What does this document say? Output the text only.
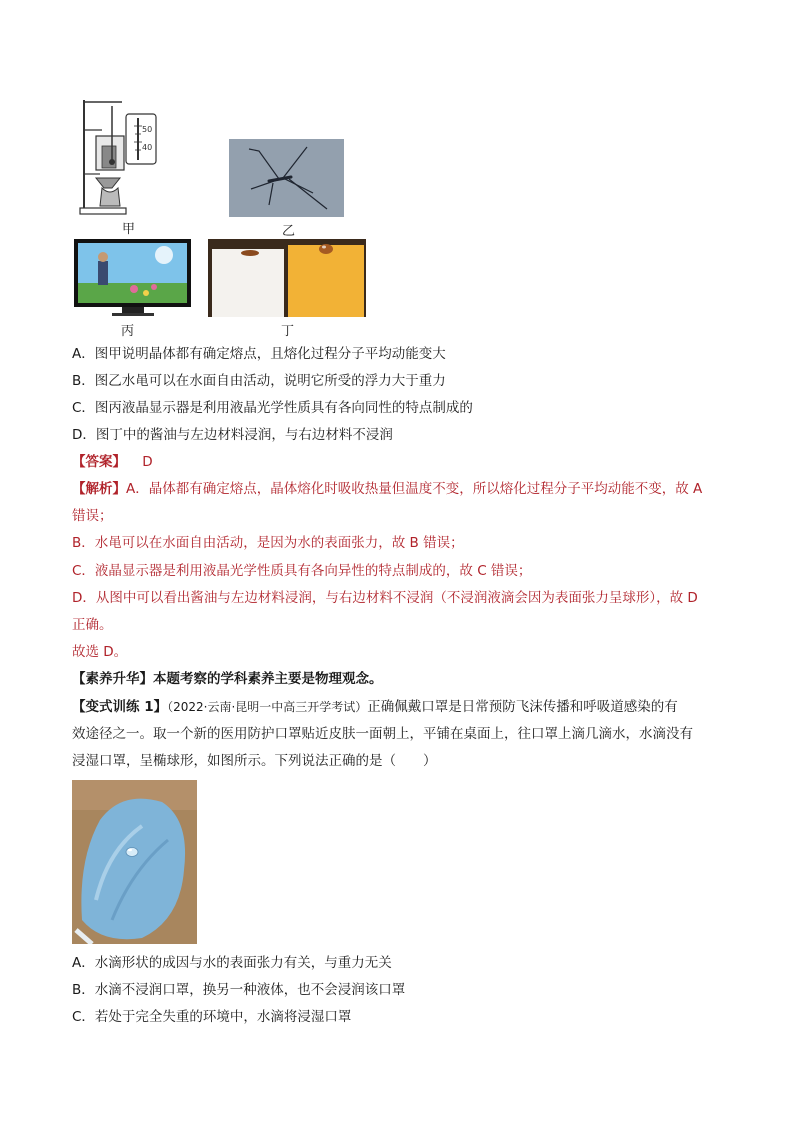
50
40
甲	乙
丙	丁
A．图甲说明晶体都有确定熔点，且熔化过程分子平均动能变大
B．图乙水黾可以在水面自由活动，说明它所受的浮力大于重力
C．图丙液晶显示器是利用液晶光学性质具有各向同性的特点制成的
D．图丁中的酱油与左边材料浸润，与右边材料不浸润
【答案】 D
【解析】A．晶体都有确定熔点，晶体熔化时吸收热量但温度不变，所以熔化过程分子平均动能不变，故 A
错误；
B．水黾可以在水面自由活动，是因为水的表面张力，故 B 错误；
C．液晶显示器是利用液晶光学性质具有各向异性的特点制成的，故 C 错误；
D．从图中可以看出酱油与左边材料浸润，与右边材料不浸润（不浸润液滴会因为表面张力呈球形），故 D
正确。
故选 D。
【素养升华】本题考察的学科素养主要是物理观念。
【变式训练 1】（2022·云南·昆明一中高三开学考试）正确佩戴口罩是日常预防飞沫传播和呼吸道感染的有
效途径之一。取一个新的医用防护口罩贴近皮肤一面朝上，平铺在桌面上，往口罩上滴几滴水，水滴没有
浸湿口罩，呈椭球形，如图所示。下列说法正确的是（　　）
A．水滴形状的成因与水的表面张力有关，与重力无关
B．水滴不浸润口罩，换另一种液体，也不会浸润该口罩
C．若处于完全失重的环境中，水滴将浸湿口罩
